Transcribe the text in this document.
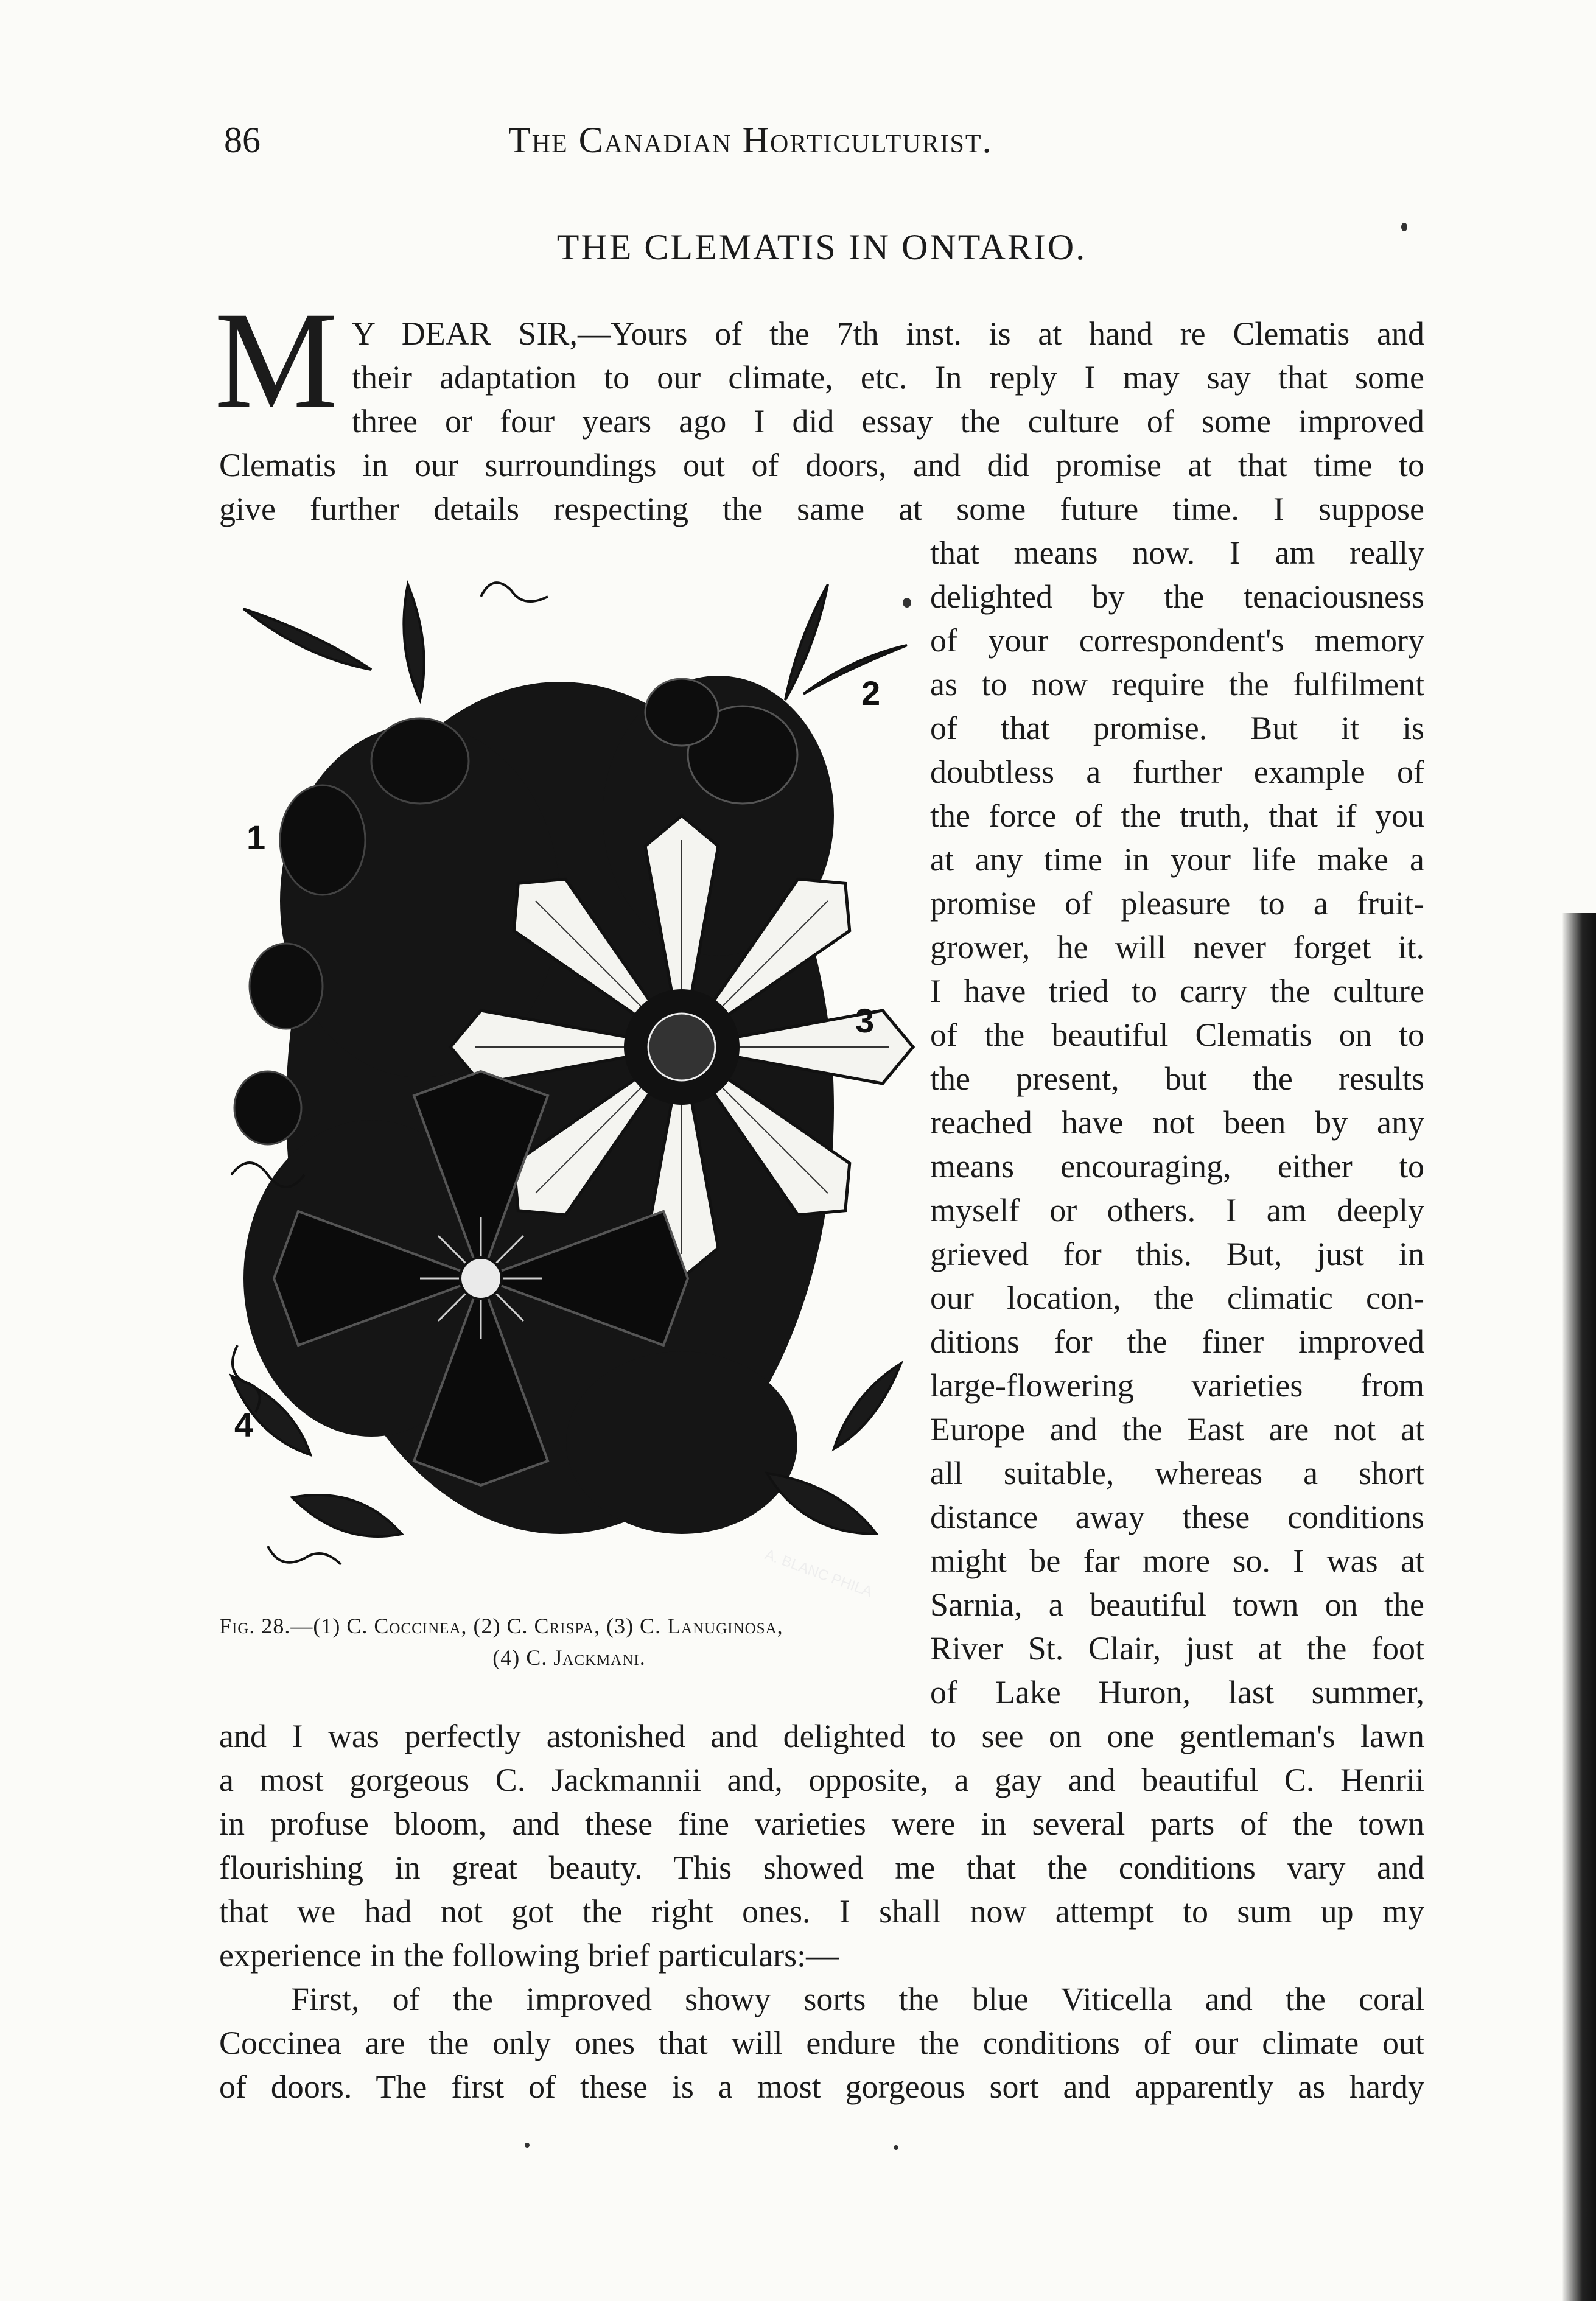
86	The Canadian Horticulturist.
THE CLEMATIS IN ONTARIO.
M Y DEAR SIR,—Yours of the 7th inst. is at hand re Clematis and
their adaptation to our climate, etc. In reply I may say that some
three or four years ago I did essay the culture of some improved
Clematis in our surroundings out of doors, and did promise at that time to
give further details respecting the same at some future time. I suppose
that means now. I am really
delighted by the tenaciousness
of your correspondent's memory
as to now require the fulfilment
of that promise. But it is
doubtless a further example of
the force of the truth, that if you
at any time in your life make a
promise of pleasure to a fruit-
grower, he will never forget it.
I have tried to carry the culture
of the beautiful Clematis on to
the present, but the results
reached have not been by any
means encouraging, either to
myself or others. I am deeply
grieved for this. But, just in
our location, the climatic con-
ditions for the finer improved
large-flowering varieties from
Europe and the East are not at
all suitable, whereas a short
distance away these conditions
might be far more so. I was at
Sarnia, a beautiful town on the
River St. Clair, just at the foot
of Lake Huron, last summer,
and I was perfectly astonished and delighted to see on one gentleman's lawn
a most gorgeous C. Jackmannii and, opposite, a gay and beautiful C. Henrii
in profuse bloom, and these fine varieties were in several parts of the town
flourishing in great beauty. This showed me that the conditions vary and
that we had not got the right ones. I shall now attempt to sum up my
experience in the following brief particulars:—
First, of the improved showy sorts the blue Viticella and the coral
Coccinea are the only ones that will endure the conditions of our climate out
of doors. The first of these is a most gorgeous sort and apparently as hardy
1
2
3
4
A. BLANC PHILA
Fig. 28.—(1) C. Coccinea, (2) C. Crispa, (3) C. Lanuginosa,
(4) C. Jackmani.
